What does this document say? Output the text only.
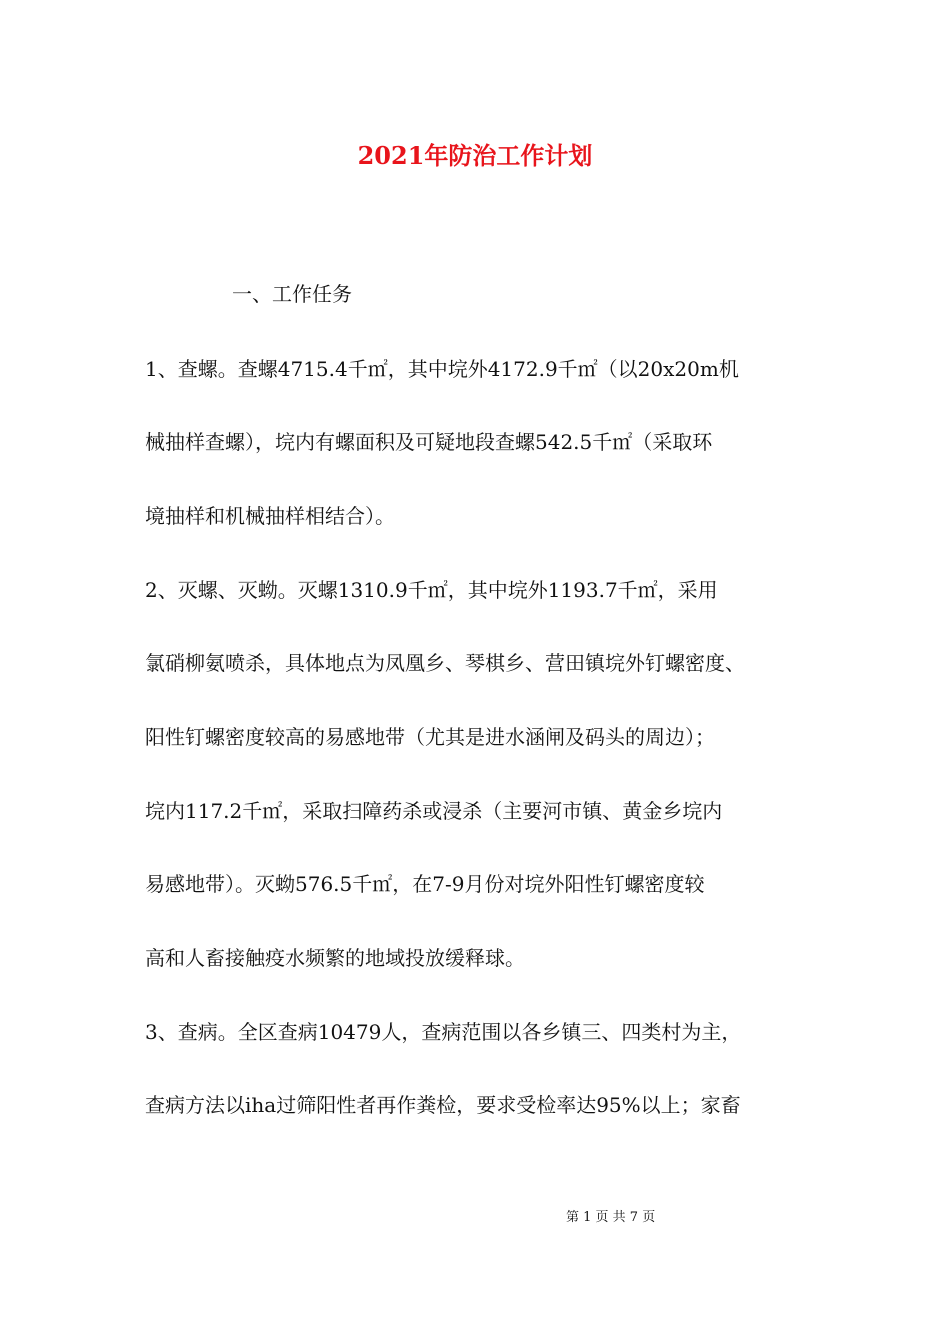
2021年防治工作计划

一、工作任务

1、查螺。查螺4715.4千㎡，其中垸外4172.9千㎡（以20x20m机

械抽样查螺），垸内有螺面积及可疑地段查螺542.5千㎡（采取环

境抽样和机械抽样相结合）。

2、灭螺、灭蚴。灭螺1310.9千㎡，其中垸外1193.7千㎡，采用

氯硝柳氨喷杀，具体地点为凤凰乡、琴棋乡、营田镇垸外钉螺密度、

阳性钉螺密度较高的易感地带（尤其是进水涵闸及码头的周边）；

垸内117.2千㎡，采取扫障药杀或浸杀（主要河市镇、黄金乡垸内

易感地带）。灭蚴576.5千㎡，在7-9月份对垸外阳性钉螺密度较

高和人畜接触疫水频繁的地域投放缓释球。

3、查病。全区查病10479人，查病范围以各乡镇三、四类村为主，

查病方法以iha过筛阳性者再作粪检，要求受检率达95%以上；家畜

第 1 页 共 7 页
